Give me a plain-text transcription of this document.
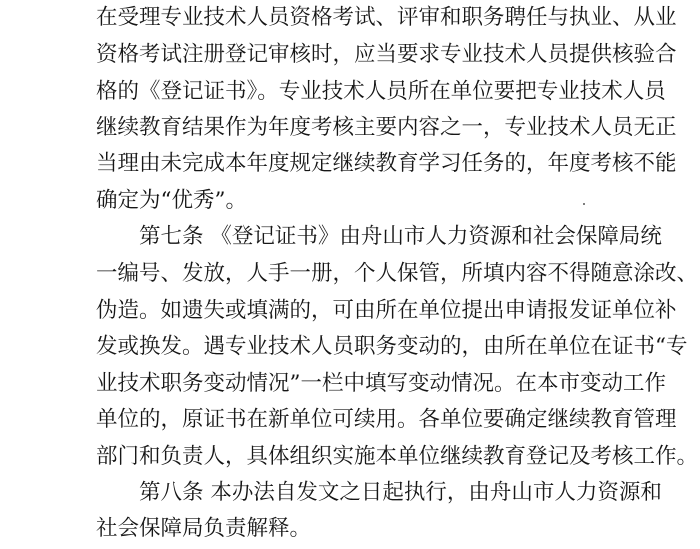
在受理专业技术人员资格考试、评审和职务聘任与执业、从业
资格考试注册登记审核时，应当要求专业技术人员提供核验合
格的《登记证书》。专业技术人员所在单位要把专业技术人员
继续教育结果作为年度考核主要内容之一，专业技术人员无正
当理由未完成本年度规定继续教育学习任务的，年度考核不能
确定为“优秀”。
第七条 《登记证书》由舟山市人力资源和社会保障局统
一编号、发放，人手一册，个人保管，所填内容不得随意涂改、
伪造。如遗失或填满的，可由所在单位提出申请报发证单位补
发或换发。遇专业技术人员职务变动的，由所在单位在证书“专
业技术职务变动情况”一栏中填写变动情况。在本市变动工作
单位的，原证书在新单位可续用。各单位要确定继续教育管理
部门和负责人，具体组织实施本单位继续教育登记及考核工作。
第八条 本办法自发文之日起执行，由舟山市人力资源和
社会保障局负责解释。
